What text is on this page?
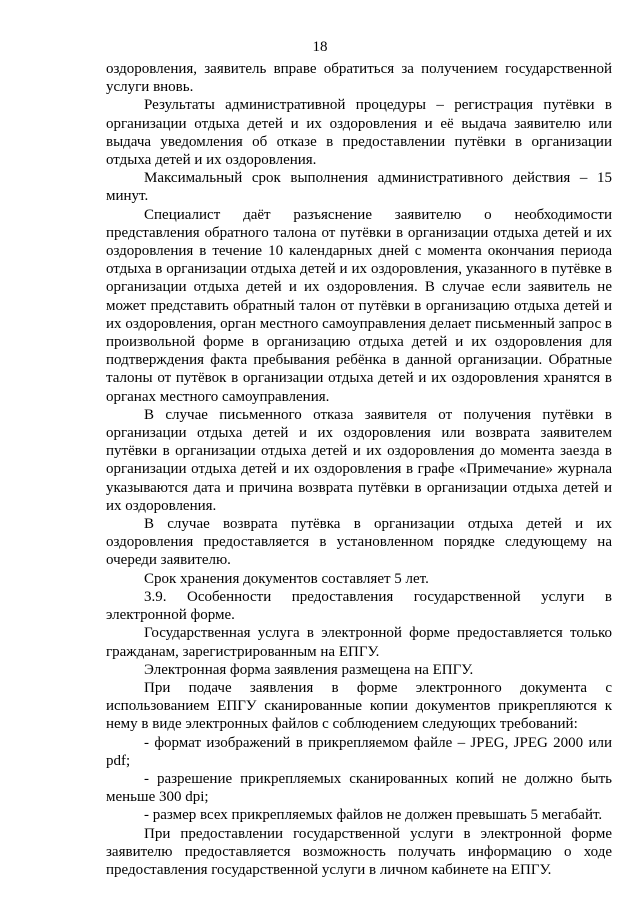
18

оздоровления, заявитель вправе обратиться за получением государственной услуги вновь.

Результаты административной процедуры – регистрация путёвки в организации отдыха детей и их оздоровления и её выдача заявителю или выдача уведомления об отказе в предоставлении путёвки в организации отдыха детей и их оздоровления.

Максимальный срок выполнения административного действия – 15 минут.

Специалист даёт разъяснение заявителю о необходимости представления обратного талона от путёвки в организации отдыха детей и их оздоровления в течение 10 календарных дней с момента окончания периода отдыха в организации отдыха детей и их оздоровления, указанного в путёвке в организации отдыха детей и их оздоровления. В случае если заявитель не может представить обратный талон от путёвки в организацию отдыха детей и их оздоровления, орган местного самоуправления делает письменный запрос в произвольной форме в организацию отдыха детей и их оздоровления для подтверждения факта пребывания ребёнка в данной организации. Обратные талоны от путёвок в организации отдыха детей и их оздоровления хранятся в органах местного самоуправления.

В случае письменного отказа заявителя от получения путёвки в организации отдыха детей и их оздоровления или возврата заявителем путёвки в организации отдыха детей и их оздоровления до момента заезда в организации отдыха детей и их оздоровления в графе «Примечание» журнала указываются дата и причина возврата путёвки в организации отдыха детей и их оздоровления.

В случае возврата путёвка в организации отдыха детей и их оздоровления предоставляется в установленном порядке следующему на очереди заявителю.

Срок хранения документов составляет 5 лет.

3.9. Особенности предоставления государственной услуги в электронной форме.

Государственная услуга в электронной форме предоставляется только гражданам, зарегистрированным на ЕПГУ.

Электронная форма заявления размещена на ЕПГУ.

При подаче заявления в форме электронного документа с использованием ЕПГУ сканированные копии документов прикрепляются к нему в виде электронных файлов с соблюдением следующих требований:

- формат изображений в прикрепляемом файле – JPEG, JPEG 2000 или pdf;

- разрешение прикрепляемых сканированных копий не должно быть меньше 300 dpi;

- размер всех прикрепляемых файлов не должен превышать 5 мегабайт.

При предоставлении государственной услуги в электронной форме заявителю предоставляется возможность получать информацию о ходе предоставления государственной услуги в личном кабинете на ЕПГУ.
